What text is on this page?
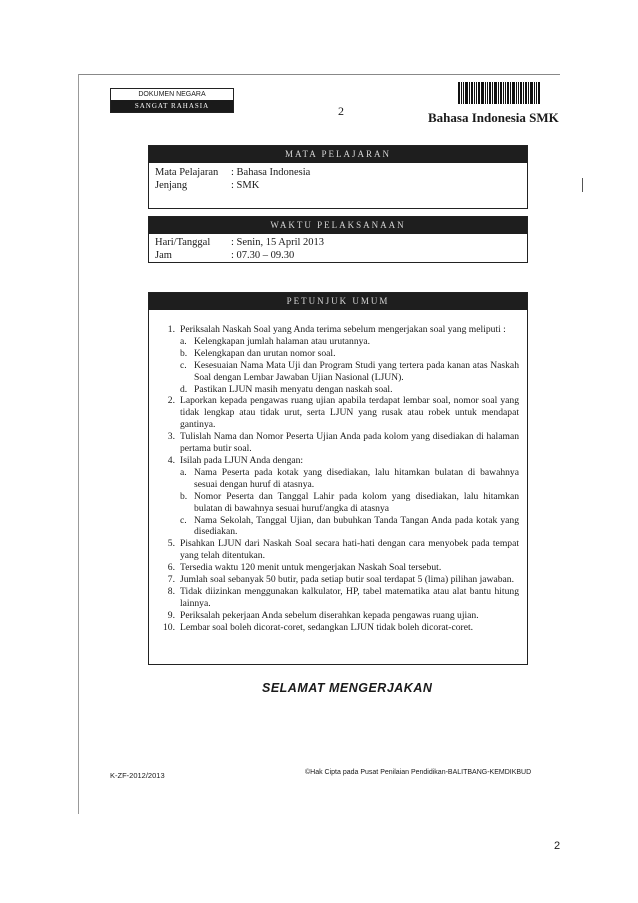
DOKUMEN NEGARA
SANGAT RAHASIA	2	Bahasa Indonesia SMK
MATA PELAJARAN
Mata Pelajaran	: Bahasa Indonesia
Jenjang	: SMK
WAKTU PELAKSANAAN
Hari/Tanggal	: Senin, 15 April 2013
Jam	: 07.30 – 09.30
PETUNJUK UMUM
1. Periksalah Naskah Soal yang Anda terima sebelum mengerjakan soal yang meliputi :
a. Kelengkapan jumlah halaman atau urutannya.
b. Kelengkapan dan urutan nomor soal.
c. Kesesuaian Nama Mata Uji dan Program Studi yang tertera pada kanan atas Naskah Soal dengan Lembar Jawaban Ujian Nasional (LJUN).
d. Pastikan LJUN masih menyatu dengan naskah soal.
2. Laporkan kepada pengawas ruang ujian apabila terdapat lembar soal, nomor soal yang tidak lengkap atau tidak urut, serta LJUN yang rusak atau robek untuk mendapat gantinya.
3. Tulislah Nama dan Nomor Peserta Ujian Anda pada kolom yang disediakan di halaman pertama butir soal.
4. Isilah pada LJUN Anda dengan:
a. Nama Peserta pada kotak yang disediakan, lalu hitamkan bulatan di bawahnya sesuai dengan huruf di atasnya.
b. Nomor Peserta dan Tanggal Lahir pada kolom yang disediakan, lalu hitamkan bulatan di bawahnya sesuai huruf/angka di atasnya
c. Nama Sekolah, Tanggal Ujian, dan bubuhkan Tanda Tangan Anda pada kotak yang disediakan.
5. Pisahkan LJUN dari Naskah Soal secara hati-hati dengan cara menyobek pada tempat yang telah ditentukan.
6. Tersedia waktu 120 menit untuk mengerjakan Naskah Soal tersebut.
7. Jumlah soal sebanyak 50 butir, pada setiap butir soal terdapat 5 (lima) pilihan jawaban.
8. Tidak diizinkan menggunakan kalkulator, HP, tabel matematika atau alat bantu hitung lainnya.
9. Periksalah pekerjaan Anda sebelum diserahkan kepada pengawas ruang ujian.
10. Lembar soal boleh dicorat-coret, sedangkan LJUN tidak boleh dicorat-coret.
SELAMAT MENGERJAKAN
K-ZF-2012/2013	©Hak Cipta pada Pusat Penilaian Pendidikan-BALITBANG-KEMDIKBUD
2
